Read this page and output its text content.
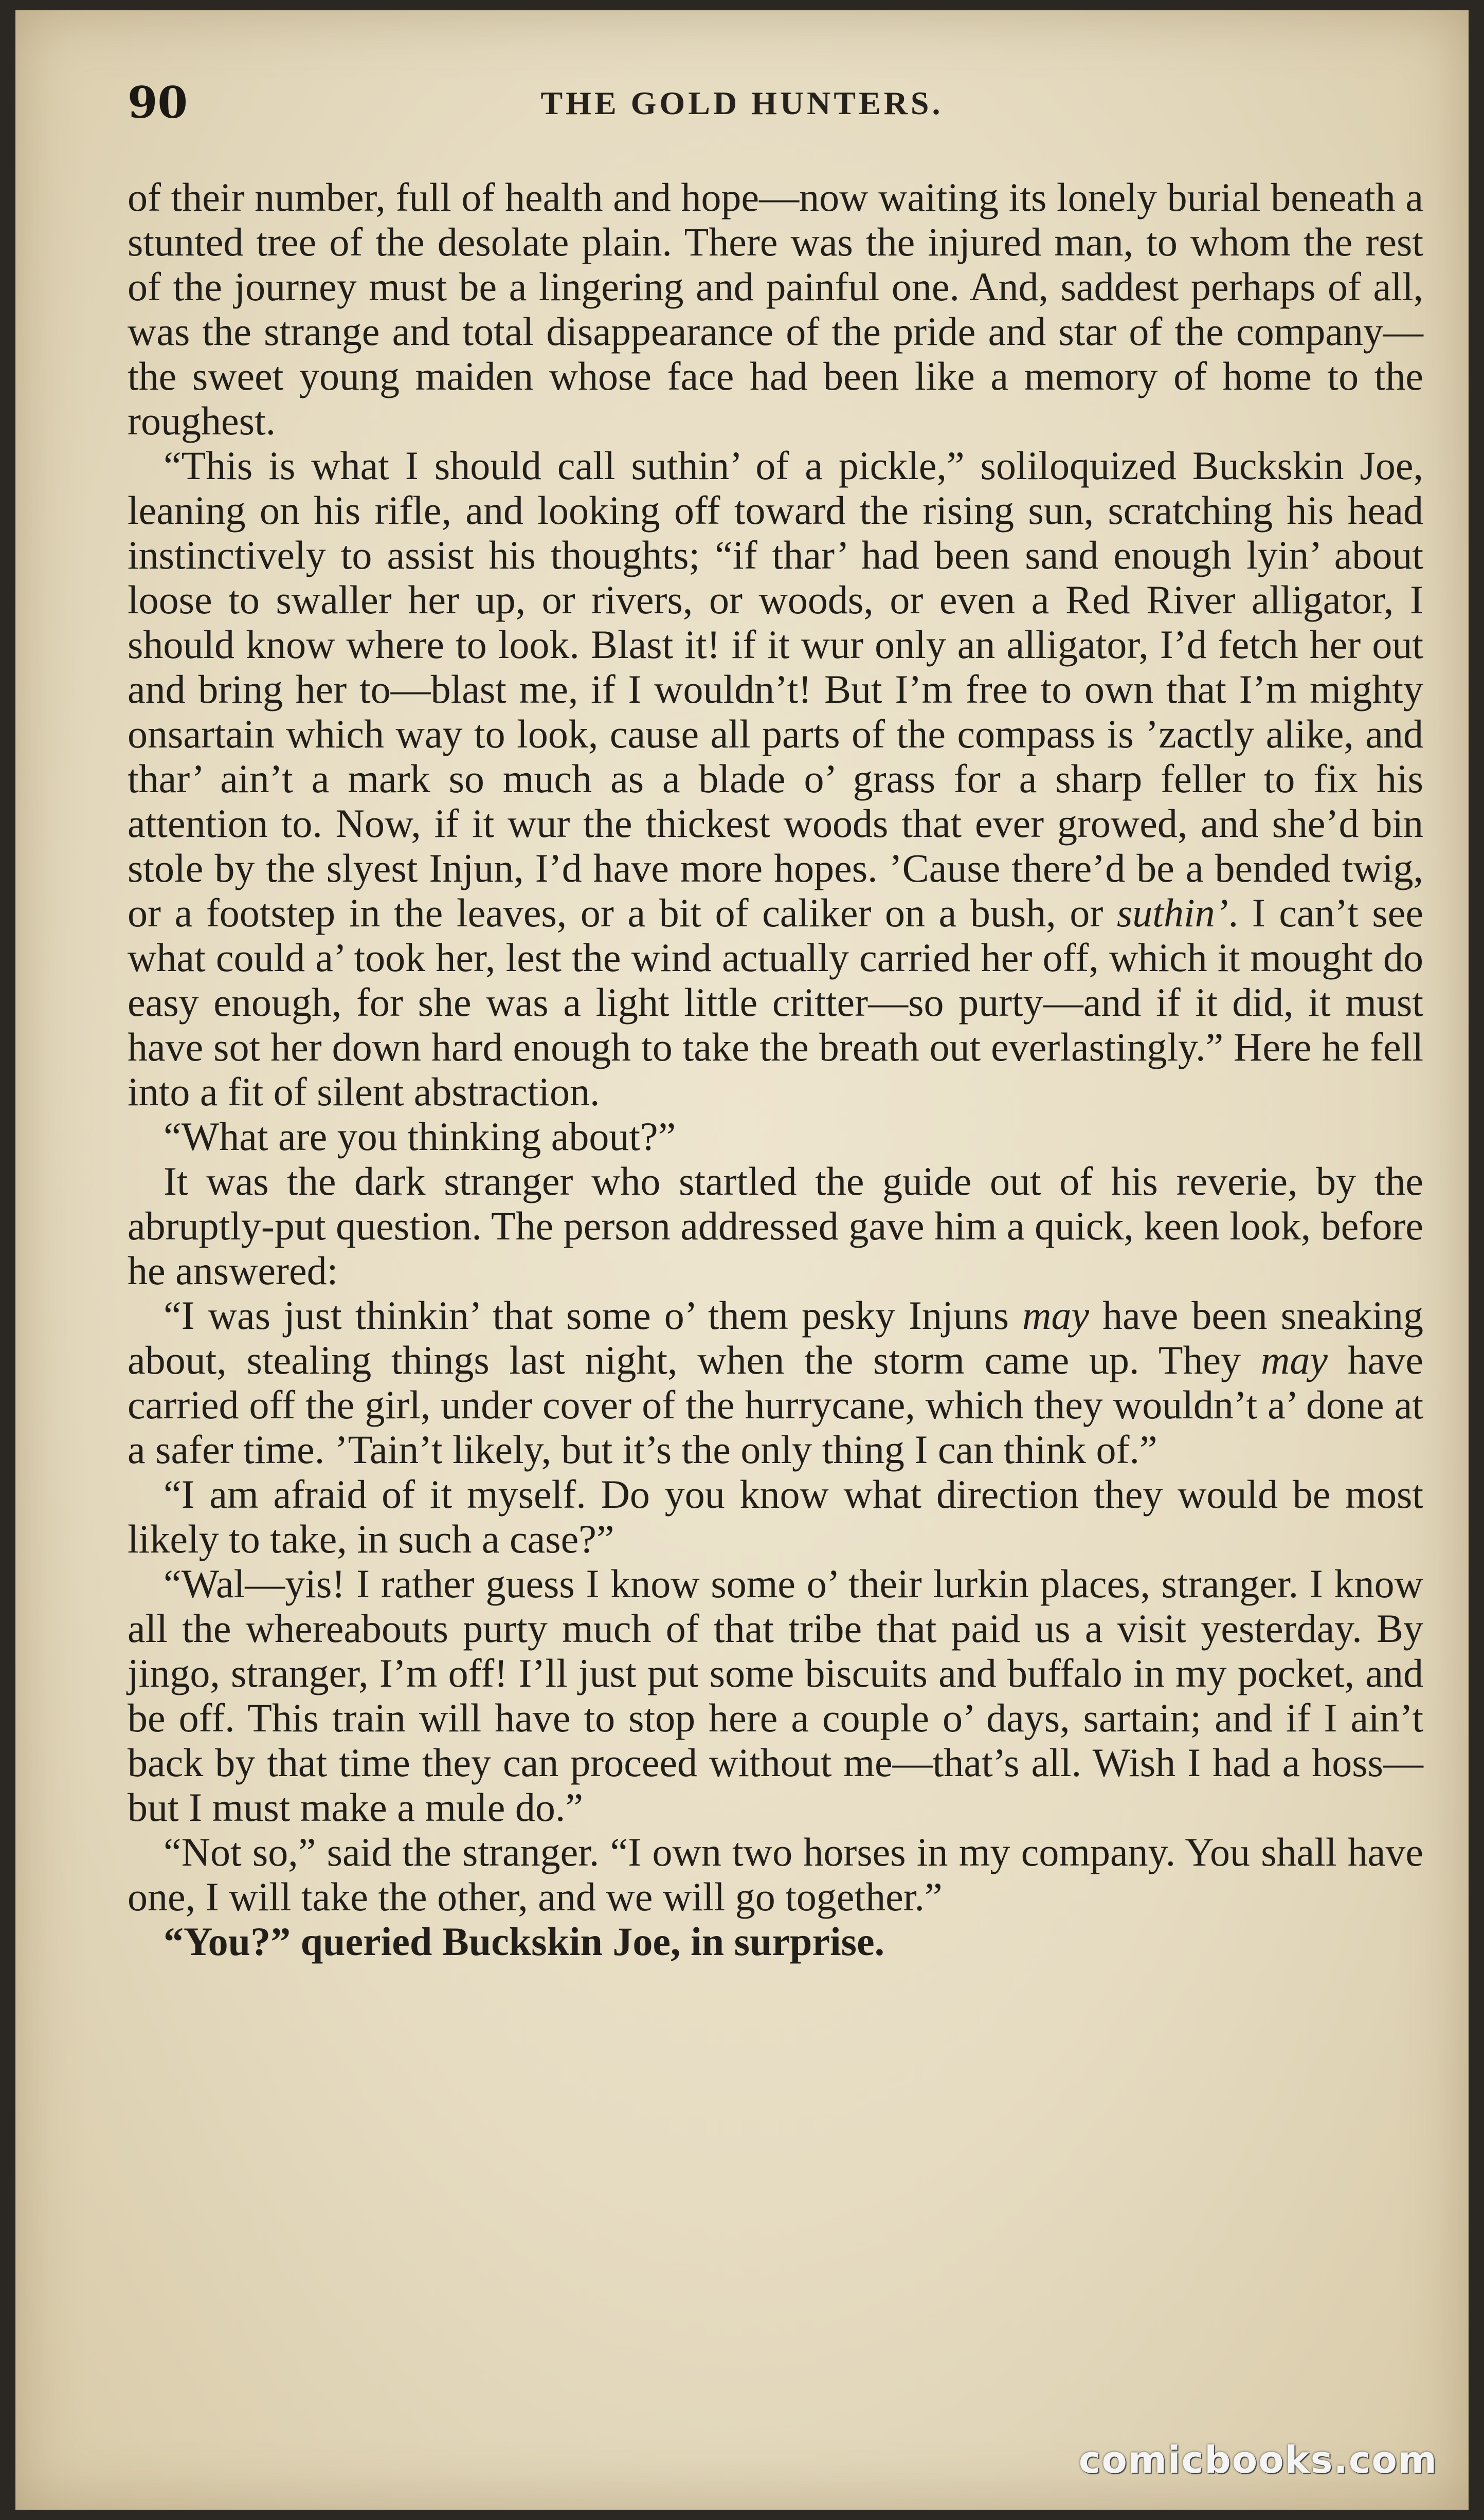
90	THE GOLD HUNTERS.

of their number, full of health and hope—now waiting its lonely burial beneath a stunted tree of the desolate plain. There was the injured man, to whom the rest of the journey must be a lingering and painful one. And, saddest perhaps of all, was the strange and total disappearance of the pride and star of the company—the sweet young maiden whose face had been like a memory of home to the roughest.

“This is what I should call suthin’ of a pickle,” soliloquized Buckskin Joe, leaning on his rifle, and looking off toward the rising sun, scratching his head instinctively to assist his thoughts; “if thar’ had been sand enough lyin’ about loose to swaller her up, or rivers, or woods, or even a Red River alligator, I should know where to look. Blast it! if it wur only an alligator, I’d fetch her out and bring her to—blast me, if I wouldn’t! But I’m free to own that I’m mighty onsartain which way to look, cause all parts of the compass is ’zactly alike, and thar’ ain’t a mark so much as a blade o’ grass for a sharp feller to fix his attention to. Now, if it wur the thickest woods that ever growed, and she’d bin stole by the slyest Injun, I’d have more hopes. ’Cause there’d be a bended twig, or a footstep in the leaves, or a bit of caliker on a bush, or suthin’. I can’t see what could a’ took her, lest the wind actually carried her off, which it mought do easy enough, for she was a light little critter—so purty—and if it did, it must have sot her down hard enough to take the breath out everlastingly.” Here he fell into a fit of silent abstraction.

“What are you thinking about?”

It was the dark stranger who startled the guide out of his reverie, by the abruptly-put question. The person addressed gave him a quick, keen look, before he answered:

“I was just thinkin’ that some o’ them pesky Injuns may have been sneaking about, stealing things last night, when the storm came up. They may have carried off the girl, under cover of the hurrycane, which they wouldn’t a’ done at a safer time. ’Tain’t likely, but it’s the only thing I can think of.”

“I am afraid of it myself. Do you know what direction they would be most likely to take, in such a case?”

“Wal—yis! I rather guess I know some o’ their lurkin places, stranger. I know all the whereabouts purty much of that tribe that paid us a visit yesterday. By jingo, stranger, I’m off! I’ll just put some biscuits and buffalo in my pocket, and be off. This train will have to stop here a couple o’ days, sartain; and if I ain’t back by that time they can proceed without me—that’s all. Wish I had a hoss—but I must make a mule do.”

“Not so,” said the stranger. “I own two horses in my company. You shall have one, I will take the other, and we will go together.”

“You?” queried Buckskin Joe, in surprise.

comicbooks.com
